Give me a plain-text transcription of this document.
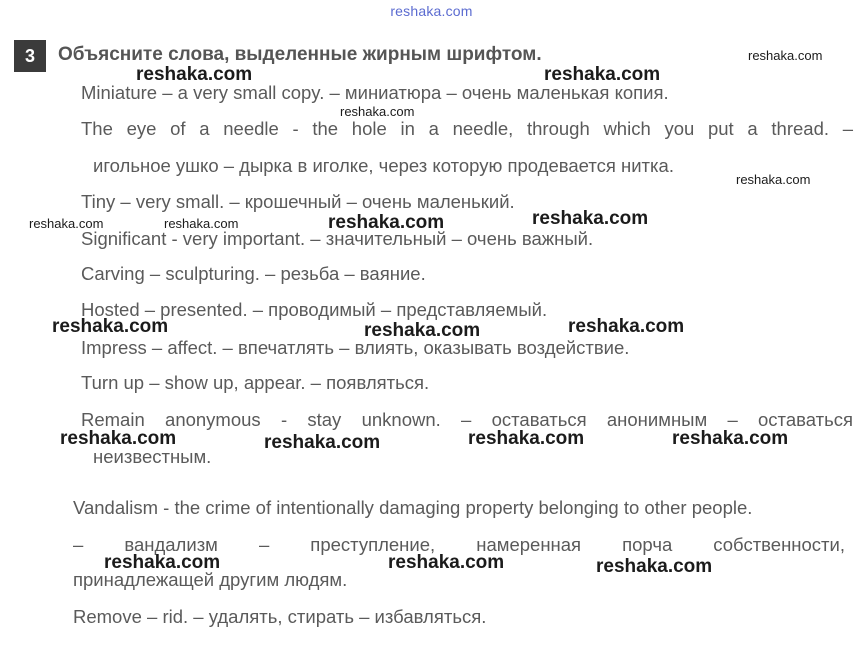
reshaka.com
3	Объясните слова, выделенные жирным шрифтом.
Miniature – a very small copy. – миниатюра – очень маленькая копия.
The eye of a needle - the hole in a needle, through which you put a thread. –
игольное ушко – дырка в иголке, через которую продевается нитка.
Tiny – very small. – крошечный – очень маленький.
Significant - very important. – значительный – очень важный.
Carving – sculpturing. – резьба – ваяние.
Hosted – presented. – проводимый – представляемый.
Impress – affect. – впечатлять – влиять, оказывать воздействие.
Turn up – show up, appear. – появляться.
Remain anonymous - stay unknown. – оставаться анонимным – оставаться
неизвестным.
Vandalism - the crime of intentionally damaging property belonging to other people.
– вандализм – преступление, намеренная порча собственности,
принадлежащей другим людям.
Remove – rid. – удалять, стирать – избавляться.
reshaka.com
reshaka.com	reshaka.com
reshaka.com
reshaka.com
reshaka.com	reshaka.com	reshaka.com	reshaka.com
reshaka.com	reshaka.com	reshaka.com
reshaka.com	reshaka.com	reshaka.com	reshaka.com
reshaka.com	reshaka.com	reshaka.com
